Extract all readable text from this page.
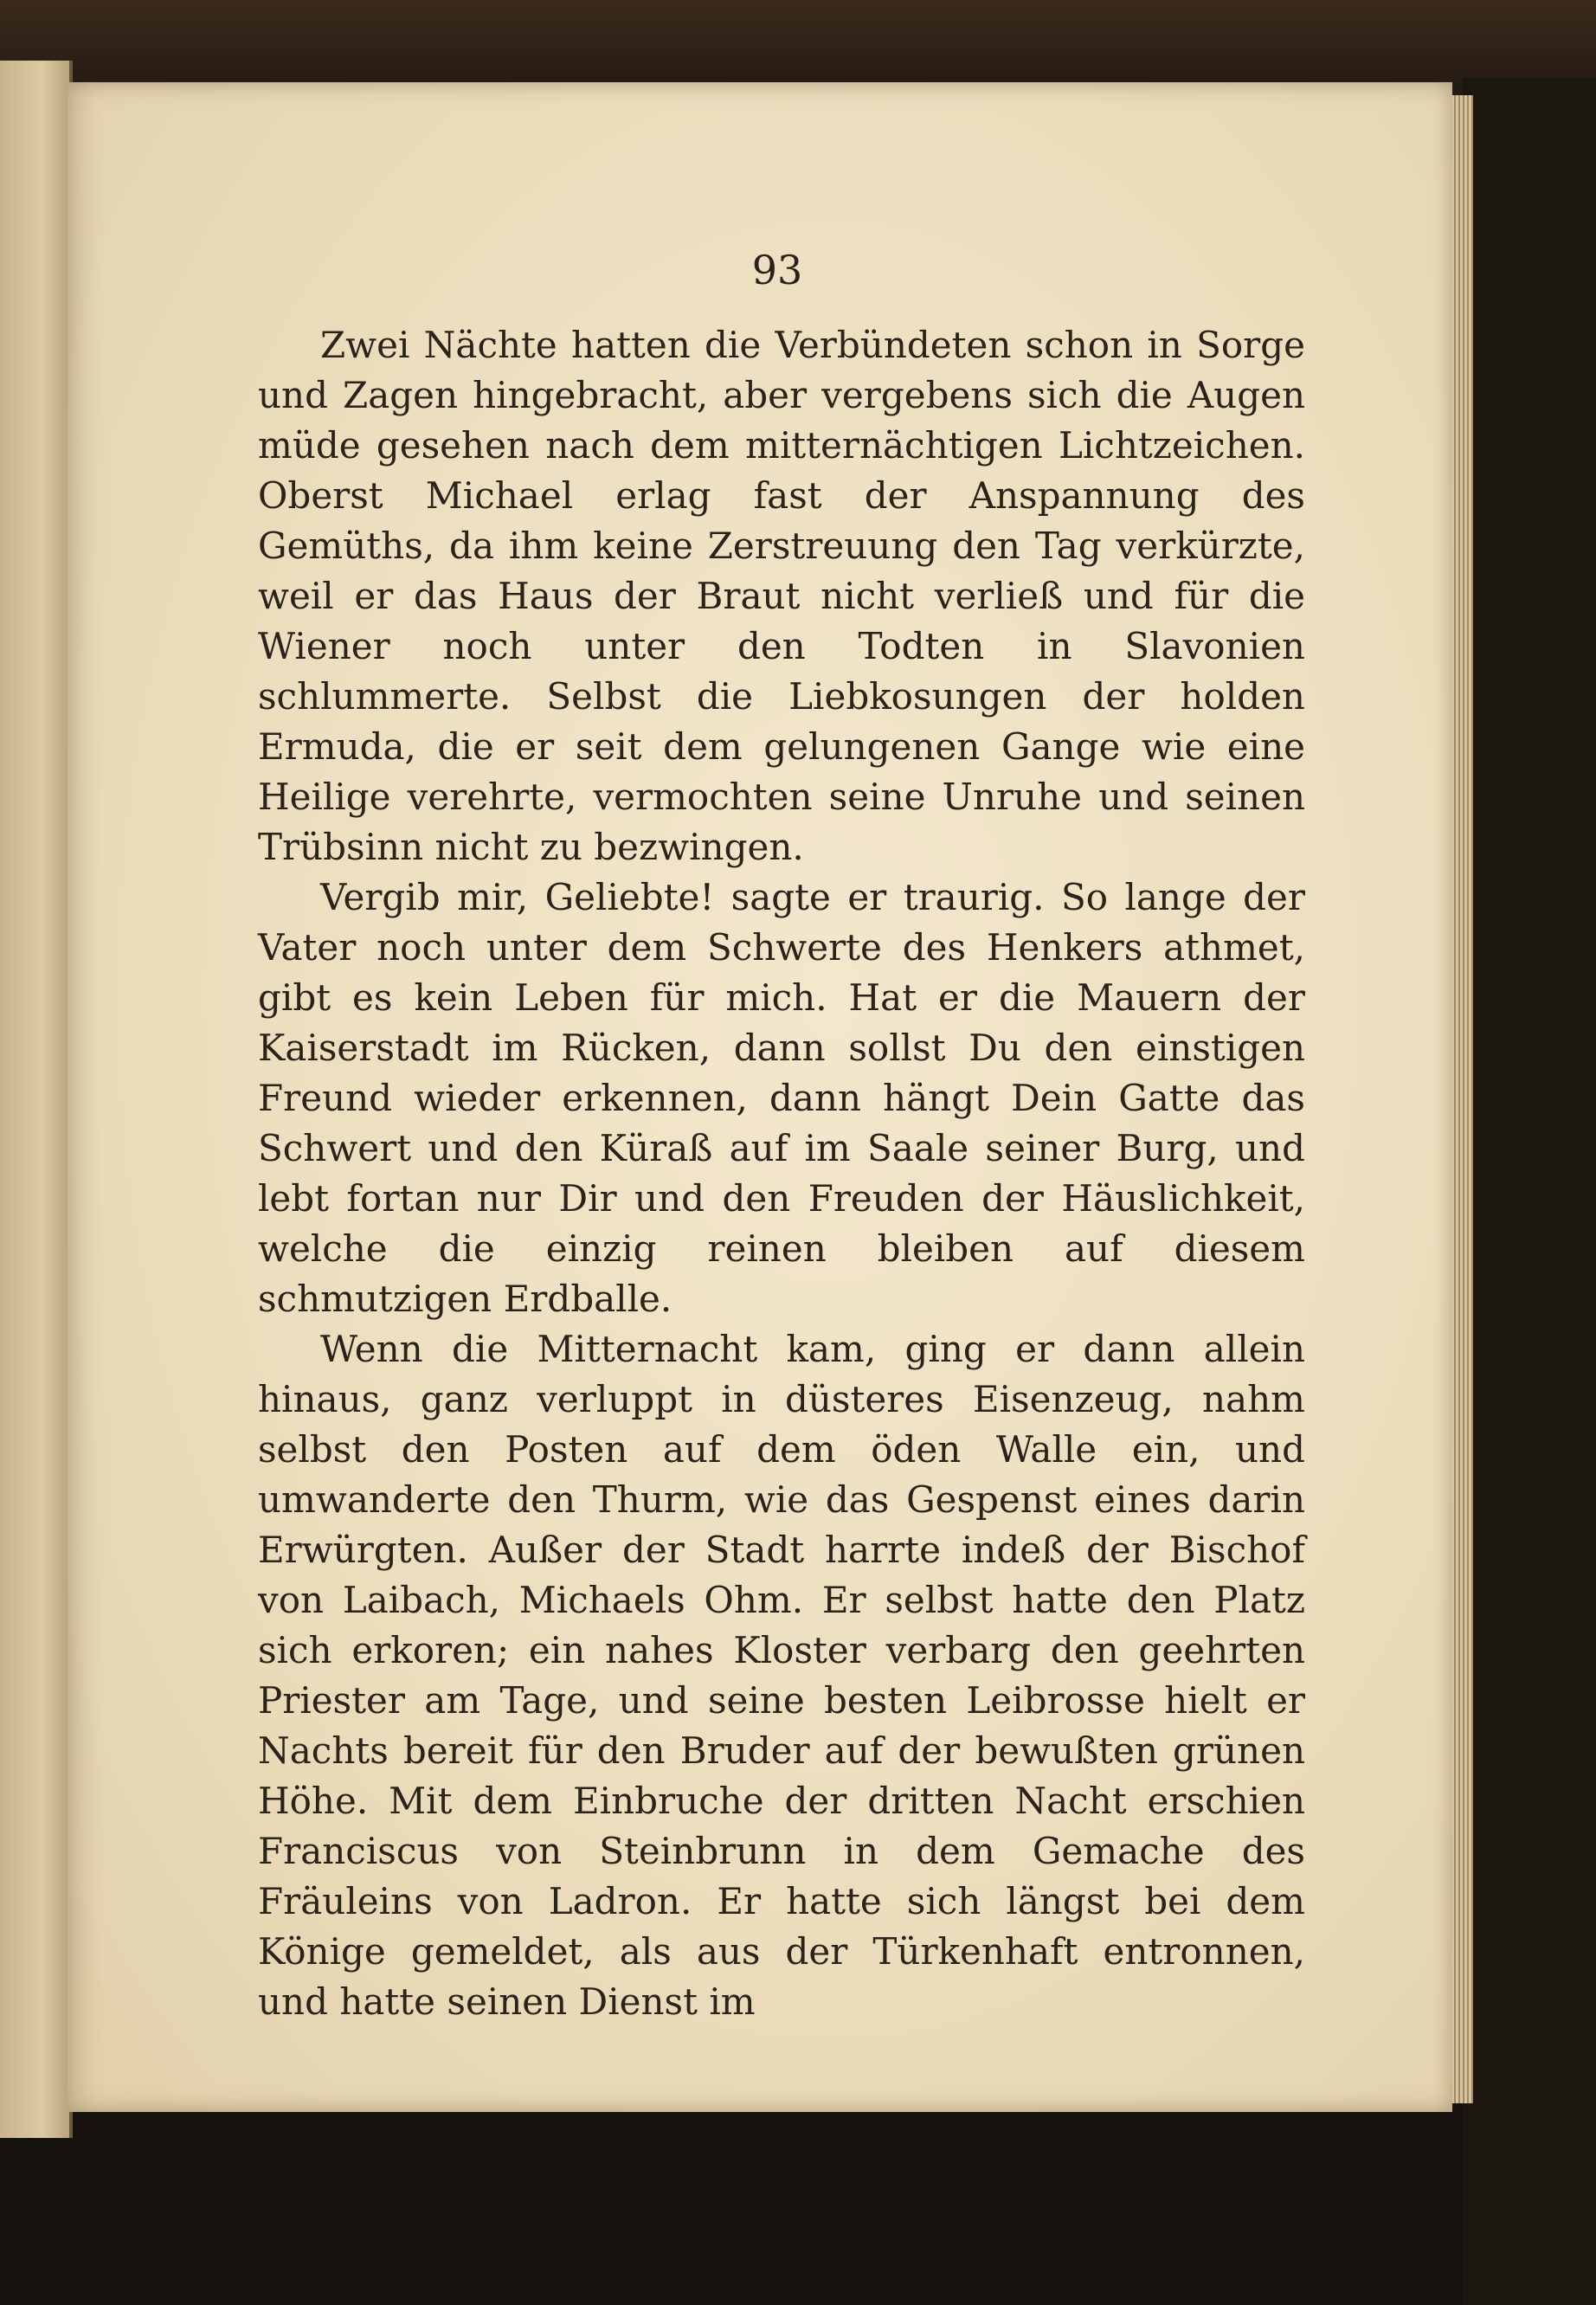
93

Zwei Nächte hatten die Verbündeten schon in Sorge und Zagen hingebracht, aber vergebens sich die Augen müde gesehen nach dem mitternächtigen Lichtzeichen. Oberst Michael erlag fast der Anspannung des Gemüths, da ihm keine Zerstreuung den Tag verkürzte, weil er das Haus der Braut nicht verließ und für die Wiener noch unter den Todten in Slavonien schlummerte. Selbst die Liebkosungen der holden Ermuda, die er seit dem gelungenen Gange wie eine Heilige verehrte, vermochten seine Unruhe und seinen Trübsinn nicht zu bezwingen.

Vergib mir, Geliebte! sagte er traurig. So lange der Vater noch unter dem Schwerte des Henkers athmet, gibt es kein Leben für mich. Hat er die Mauern der Kaiserstadt im Rücken, dann sollst Du den einstigen Freund wieder erkennen, dann hängt Dein Gatte das Schwert und den Küraß auf im Saale seiner Burg, und lebt fortan nur Dir und den Freuden der Häuslichkeit, welche die einzig reinen bleiben auf diesem schmutzigen Erdballe.

Wenn die Mitternacht kam, ging er dann allein hinaus, ganz verluppt in düsteres Eisenzeug, nahm selbst den Posten auf dem öden Walle ein, und umwanderte den Thurm, wie das Gespenst eines darin Erwürgten. Außer der Stadt harrte indeß der Bischof von Laibach, Michaels Ohm. Er selbst hatte den Platz sich erkoren; ein nahes Kloster verbarg den geehrten Priester am Tage, und seine besten Leibrosse hielt er Nachts bereit für den Bruder auf der bewußten grünen Höhe. Mit dem Einbruche der dritten Nacht erschien Franciscus von Steinbrunn in dem Gemache des Fräuleins von Ladron. Er hatte sich längst bei dem Könige gemeldet, als aus der Türkenhaft entronnen, und hatte seinen Dienst im
